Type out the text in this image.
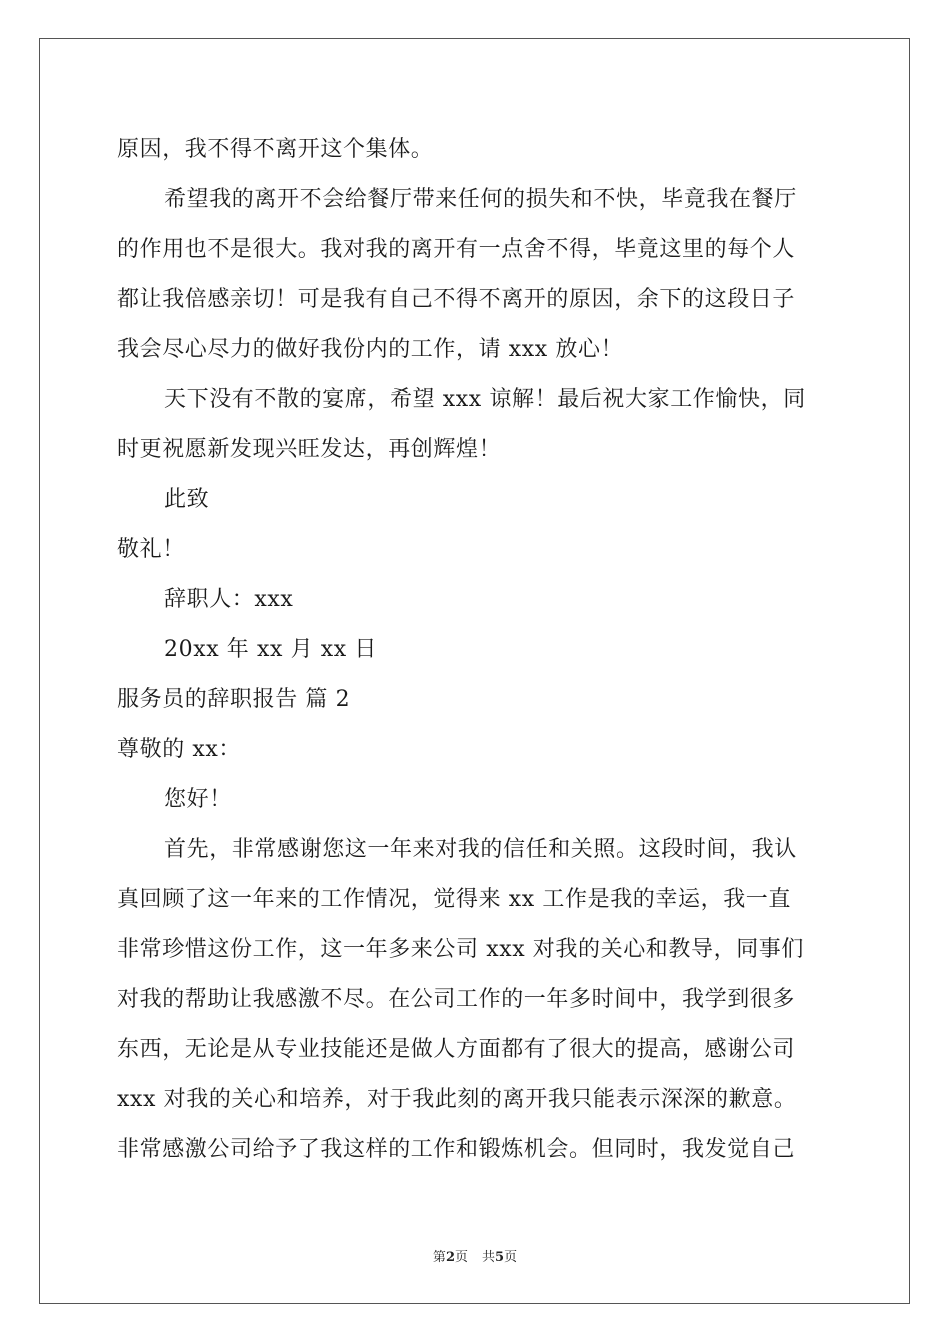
原因，我不得不离开这个集体。
希望我的离开不会给餐厅带来任何的损失和不快，毕竟我在餐厅
的作用也不是很大。我对我的离开有一点舍不得，毕竟这里的每个人
都让我倍感亲切！可是我有自己不得不离开的原因，余下的这段日子
我会尽心尽力的做好我份内的工作，请 xxx 放心！
天下没有不散的宴席，希望 xxx 谅解！最后祝大家工作愉快，同
时更祝愿新发现兴旺发达，再创辉煌！
此致
敬礼！
辞职人：xxx
20xx 年 xx 月 xx 日
服务员的辞职报告 篇 2
尊敬的 xx：
您好！
首先，非常感谢您这一年来对我的信任和关照。这段时间，我认
真回顾了这一年来的工作情况，觉得来 xx 工作是我的幸运，我一直
非常珍惜这份工作，这一年多来公司 xxx 对我的关心和教导，同事们
对我的帮助让我感激不尽。在公司工作的一年多时间中，我学到很多
东西，无论是从专业技能还是做人方面都有了很大的提高，感谢公司
xxx 对我的关心和培养，对于我此刻的离开我只能表示深深的歉意。
非常感激公司给予了我这样的工作和锻炼机会。但同时，我发觉自己
第2页 共5页
